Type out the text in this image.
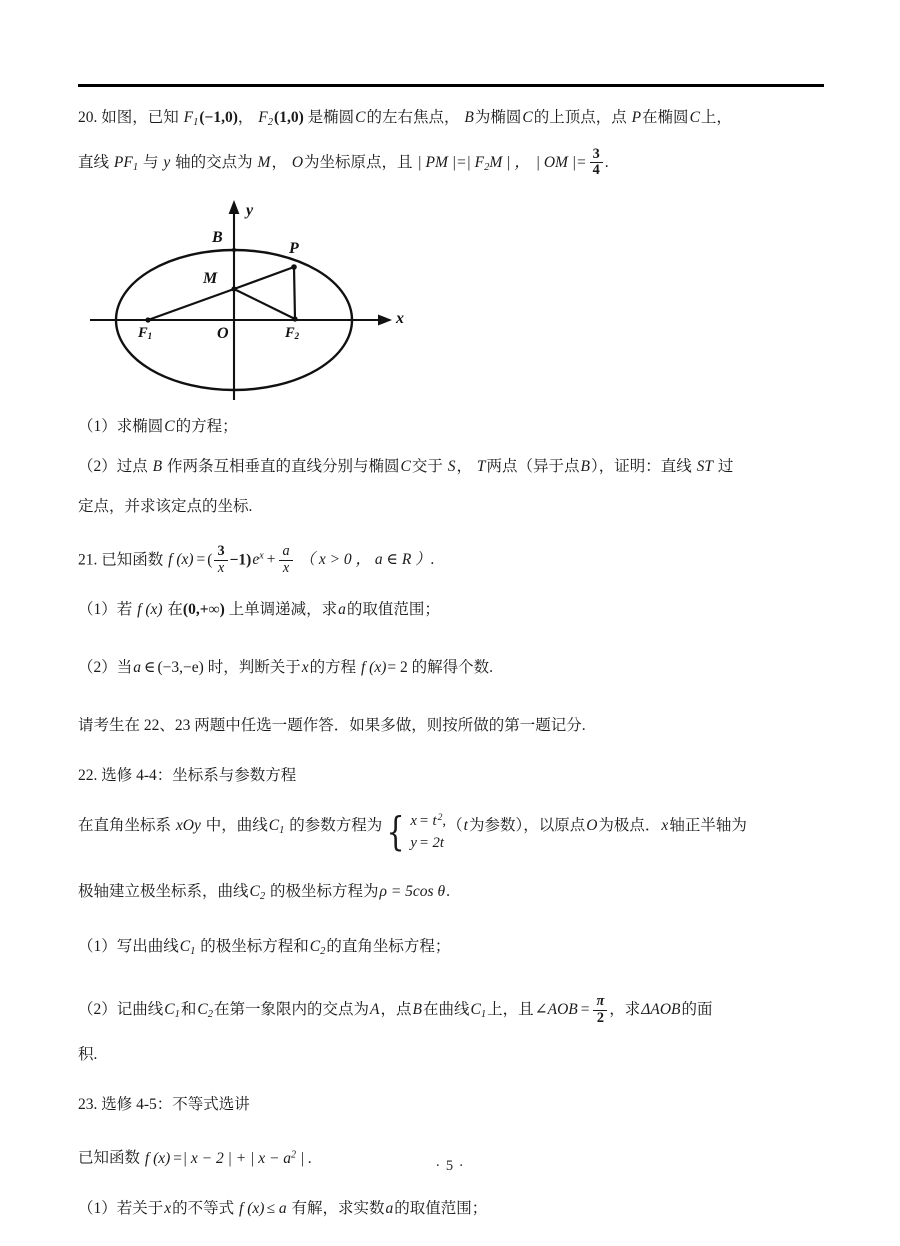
20. 如图，已知 $F_1(-1,0)$， $F_2(1,0)$ 是椭圆C的左右焦点， B为椭圆C的上顶点，点 P在椭圆C上，

直线 $PF_1$ 与 y 轴的交点为 M， O为坐标原点，且 | PM |=| $F_2M$ | ， | OM |= $\frac{3}{4}$ .

y
x
B
M
P
O
$F_1$	$F_2$

（1）求椭圆C的方程；

（2）过点 B 作两条互相垂直的直线分别与椭圆C交于 S， T两点（异于点B），证明：直线 ST 过

定点，并求该定点的坐标.

21. 已知函数 f (x) = ( $\frac{3}{x} -1)e^x + \frac{a}{x}$ （ x > 0 ， a ∈ R ）.

（1）若 f (x) 在(0,+∞) 上单调递减，求a的取值范围；

（2）当a ∈ (−3,−e) 时，判断关于x的方程 f (x)= 2 的解得个数.

请考生在 22、23 两题中任选一题作答．如果多做，则按所做的第一题记分.

22. 选修 4-4：坐标系与参数方程

在直角坐标系 xOy 中，曲线$C_1$ 的参数方程为 { $x = t^2$,
y = 2t
（t为参数），以原点O为极点．x轴正半轴为

极轴建立极坐标系，曲线$C_2$ 的极坐标方程为ρ = 5cos θ.

（1）写出曲线$C_1$ 的极坐标方程和$C_2$的直角坐标方程；

（2）记曲线$C_1$和$C_2$在第一象限内的交点为A，点B在曲线$C_1$上，且∠AOB = $\frac{\pi}{2}$ ，求ΔAOB的面

积.

23. 选修 4-5：不等式选讲

已知函数 f (x) =| x − 2 | + | $x - a^2$ | .

（1）若关于x的不等式 f (x) ≤ a 有解，求实数a的取值范围；

· 5 ·
